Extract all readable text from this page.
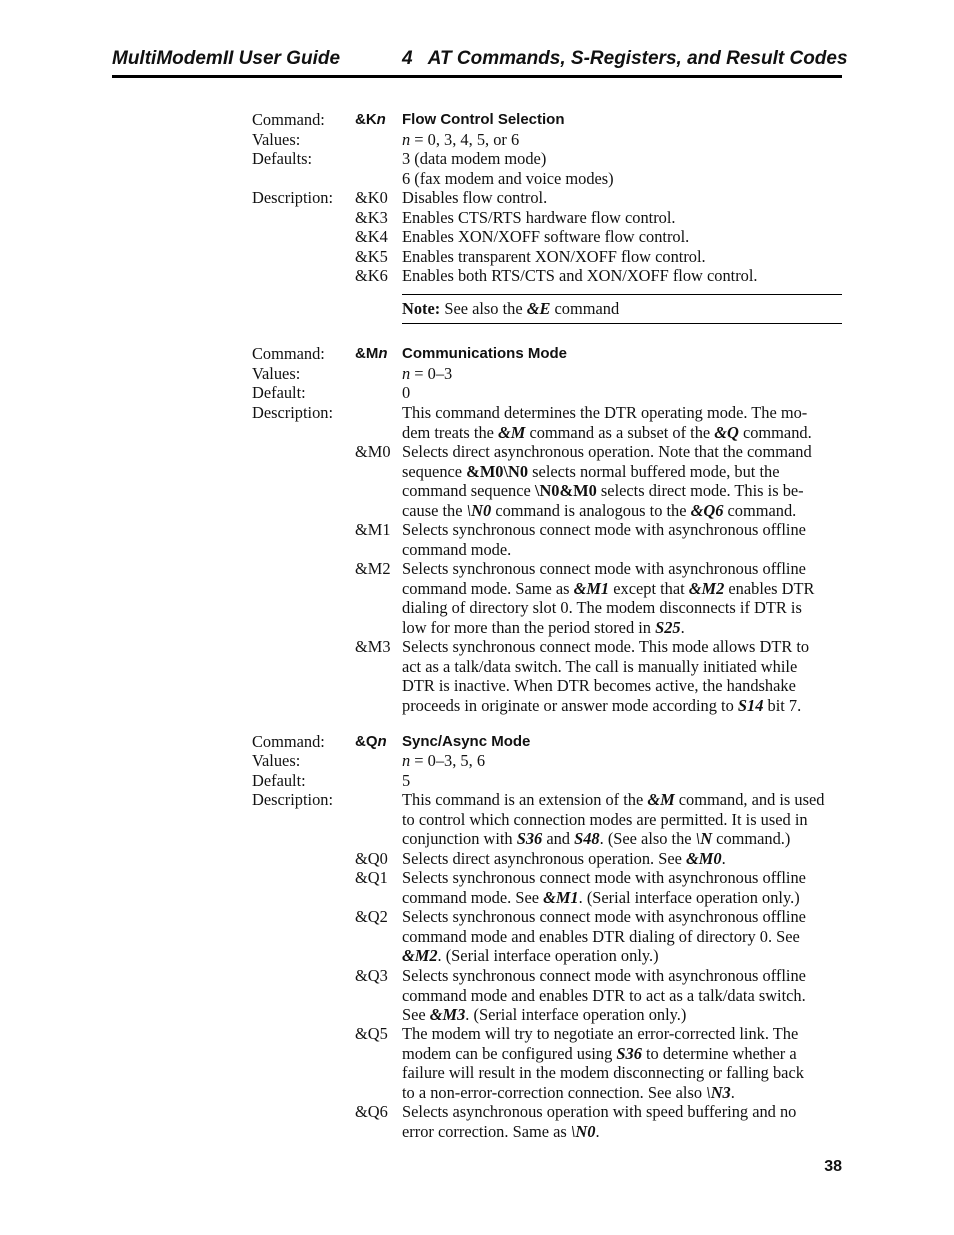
MultiModemII User Guide	4   AT Commands, S-Registers, and Result Codes
Command: &Kn Flow Control Selection
Values:	n = 0, 3, 4, 5, or 6
Defaults:	3 (data modem mode)
6 (fax modem and voice modes)
Description: &K0 Disables flow control.
&K3 Enables CTS/RTS hardware flow control.
&K4 Enables XON/XOFF software flow control.
&K5 Enables transparent XON/XOFF flow control.
&K6 Enables both RTS/CTS and XON/XOFF flow control.
Note: See also the &E command
Command: &Mn Communications Mode
Values:	n = 0–3
Default:	0
Description:	This command determines the DTR operating mode. The mo-
dem treats the &M command as a subset of the &Q command.
&M0 Selects direct asynchronous operation. Note that the command
sequence &M0\N0 selects normal buffered mode, but the
command sequence \N0&M0 selects direct mode. This is be-
cause the \N0 command is analogous to the &Q6 command.
&M1 Selects synchronous connect mode with asynchronous offline
command mode.
&M2 Selects synchronous connect mode with asynchronous offline
command mode. Same as &M1 except that &M2 enables DTR
dialing of directory slot 0. The modem disconnects if DTR is
low for more than the period stored in S25.
&M3 Selects synchronous connect mode. This mode allows DTR to
act as a talk/data switch. The call is manually initiated while
DTR is inactive. When DTR becomes active, the handshake
proceeds in originate or answer mode according to S14 bit 7.
Command: &Qn Sync/Async Mode
Values:	n = 0–3, 5, 6
Default:	5
Description:	This command is an extension of the &M command, and is used
to control which connection modes are permitted. It is used in
conjunction with S36 and S48. (See also the \N command.)
&Q0 Selects direct asynchronous operation. See &M0.
&Q1 Selects synchronous connect mode with asynchronous offline
command mode. See &M1. (Serial interface operation only.)
&Q2 Selects synchronous connect mode with asynchronous offline
command mode and enables DTR dialing of directory 0. See
&M2. (Serial interface operation only.)
&Q3 Selects synchronous connect mode with asynchronous offline
command mode and enables DTR to act as a talk/data switch.
See &M3. (Serial interface operation only.)
&Q5 The modem will try to negotiate an error-corrected link. The
modem can be configured using S36 to determine whether a
failure will result in the modem disconnecting or falling back
to a non-error-correction connection. See also \N3.
&Q6 Selects asynchronous operation with speed buffering and no
error correction. Same as \N0.
38
